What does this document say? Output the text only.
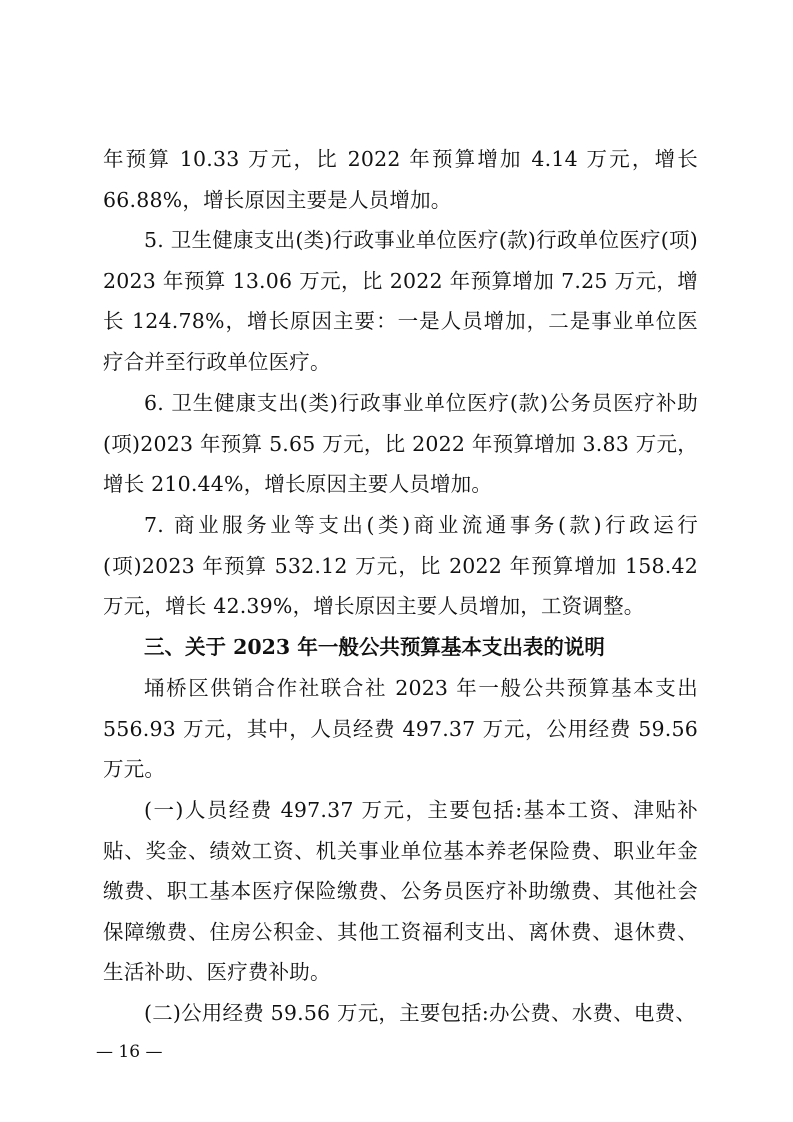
年预算 10.33 万元，比 2022 年预算增加 4.14 万元，增长 66.88%，增长原因主要是人员增加。
5. 卫生健康支出(类)行政事业单位医疗(款)行政单位医疗(项) 2023 年预算 13.06 万元，比 2022 年预算增加 7.25 万元，增长 124.78%，增长原因主要：一是人员增加，二是事业单位医疗合并至行政单位医疗。
6. 卫生健康支出(类)行政事业单位医疗(款)公务员医疗补助(项)2023 年预算 5.65 万元，比 2022 年预算增加 3.83 万元，增长 210.44%，增长原因主要人员增加。
7. 商业服务业等支出(类)商业流通事务(款)行政运行(项)2023 年预算 532.12 万元，比 2022 年预算增加 158.42 万元，增长 42.39%，增长原因主要人员增加，工资调整。
三、关于 2023 年一般公共预算基本支出表的说明
埇桥区供销合作社联合社 2023 年一般公共预算基本支出 556.93 万元，其中，人员经费 497.37 万元，公用经费 59.56 万元。
(一)人员经费 497.37 万元，主要包括:基本工资、津贴补贴、奖金、绩效工资、机关事业单位基本养老保险费、职业年金缴费、职工基本医疗保险缴费、公务员医疗补助缴费、其他社会保障缴费、住房公积金、其他工资福利支出、离休费、退休费、生活补助、医疗费补助。
(二)公用经费 59.56 万元，主要包括:办公费、水费、电费、
— 16 —
